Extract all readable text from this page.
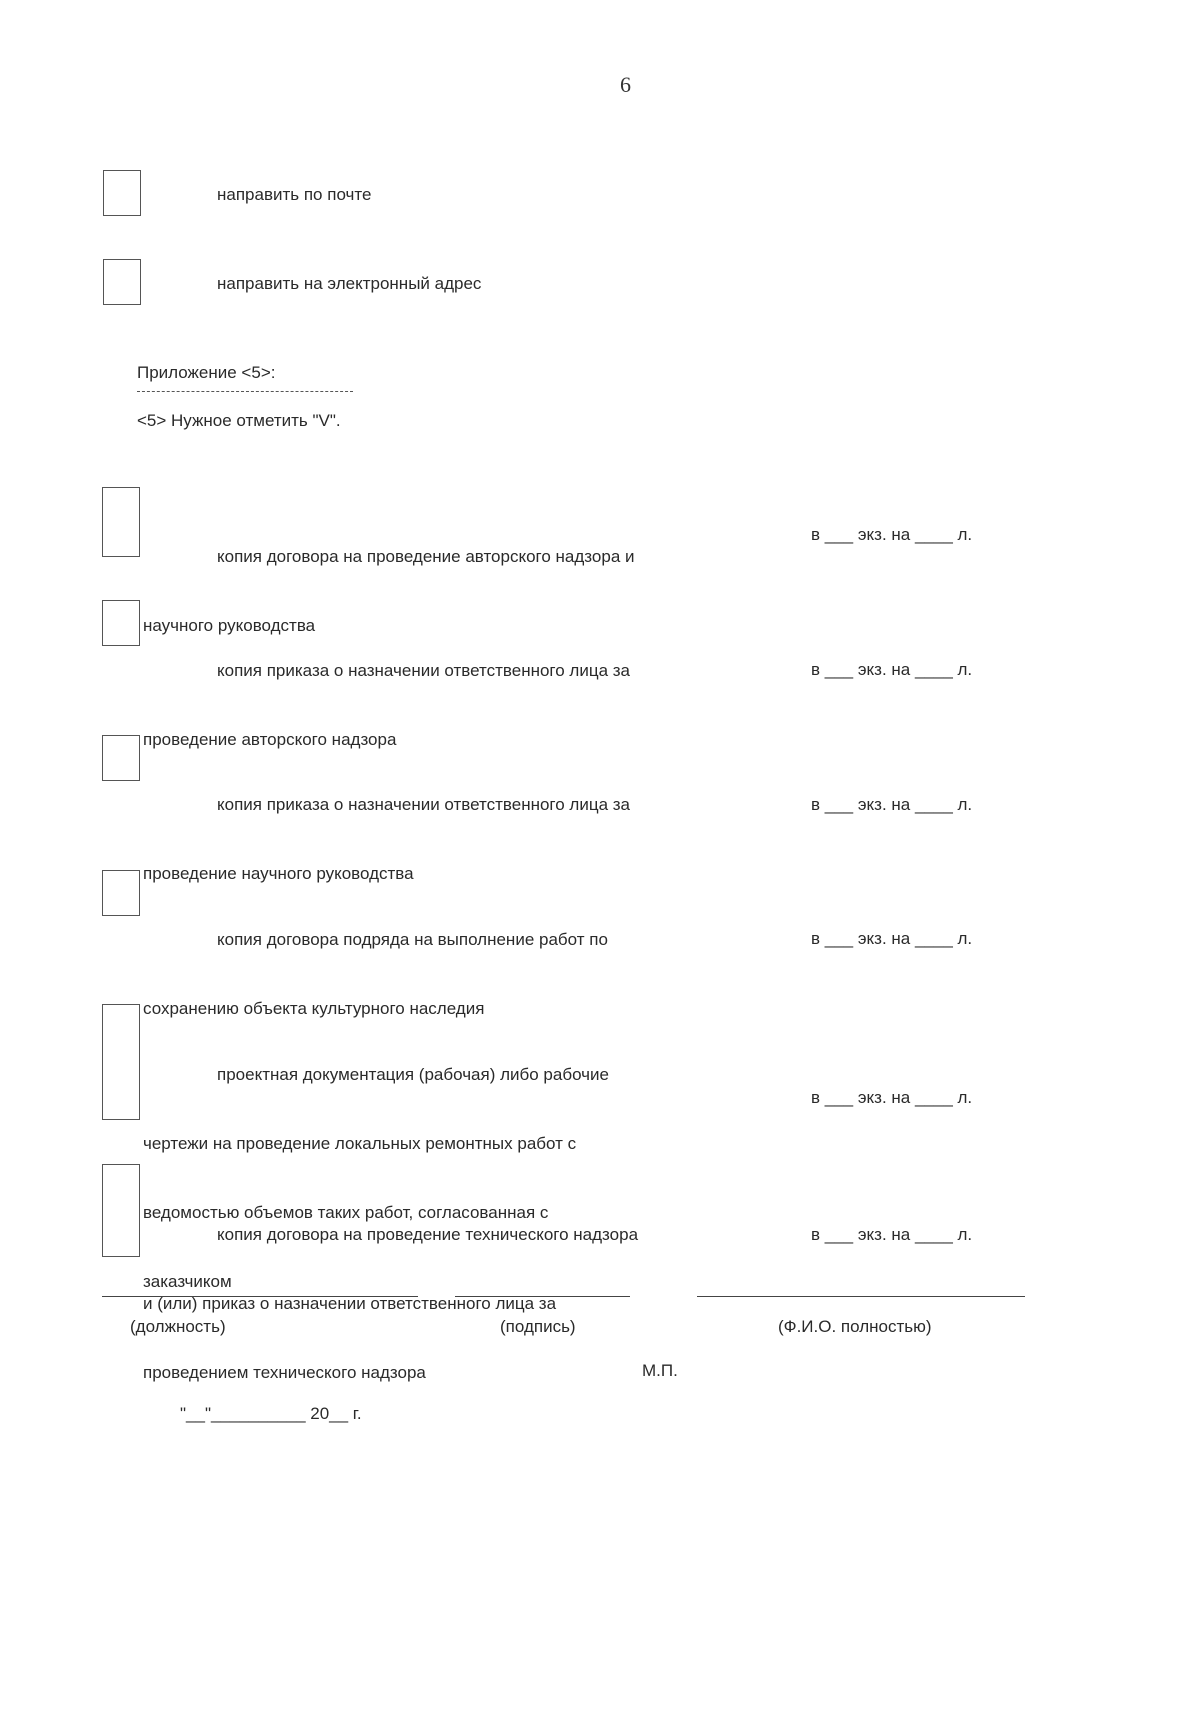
6
направить по почте
направить на электронный адрес
Приложение <5>:
<5> Нужное отметить "V".

копия договора на проведение авторского надзора и

научного руководства

в ___ экз. на ____ л.

копия приказа о назначении ответственного лица за

проведение авторского надзора

в ___ экз. на ____ л.

копия приказа о назначении ответственного лица за

проведение научного руководства

в ___ экз. на ____ л.

копия договора подряда на выполнение работ по

сохранению объекта культурного наследия

в ___ экз. на ____ л.

проектная документация (рабочая) либо рабочие

чертежи на проведение локальных ремонтных работ с

ведомостью объемов таких работ, согласованная с

заказчиком

в ___ экз. на ____ л.

копия договора на проведение технического надзора

и (или) приказ о назначении ответственного лица за

проведением технического надзора

в ___ экз. на ____ л.
(должность)	(подпись)	(Ф.И.О. полностью)
М.П.
"__"__________ 20__ г.
